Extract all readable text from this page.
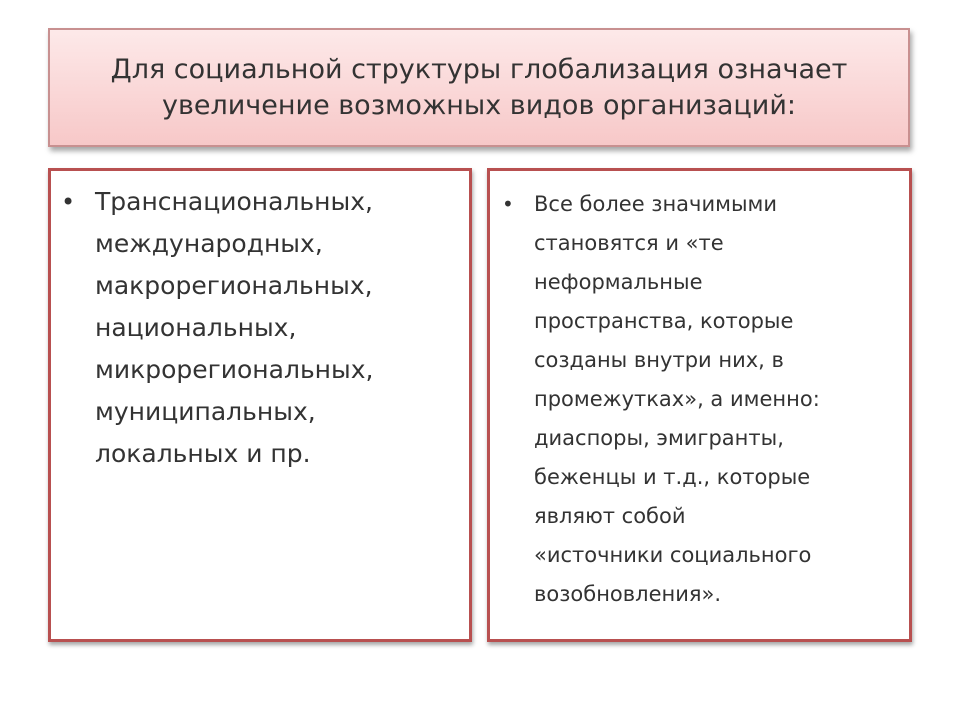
Для социальной структуры глобализация означает увеличение возможных видов организаций:
• Транснациональных,
международных,
макрорегиональных,
национальных,
микрорегиональных,
муниципальных,
локальных и пр.
• Все более значимыми
становятся и «те
неформальные
пространства, которые
созданы внутри них, в
промежутках», а именно:
диаспоры, эмигранты,
беженцы и т.д., которые
являют собой
«источники социального
возобновления».
